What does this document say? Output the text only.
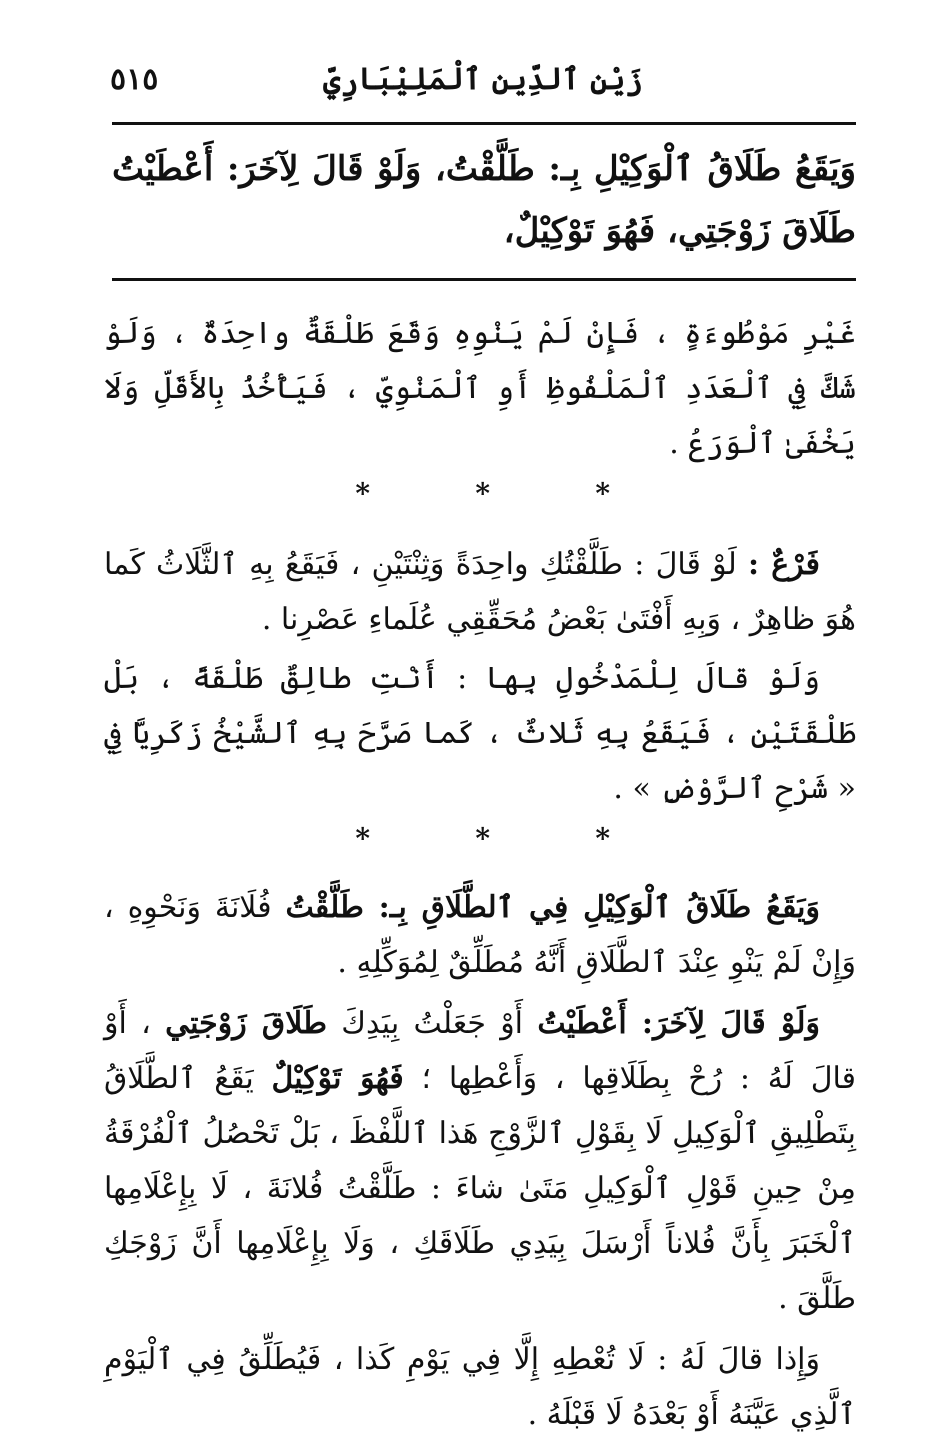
زَيْنِ ٱلدِّينِ ٱلْمَلِيْبَارِيِّ
٥١٥

وَيَقَعُ طَلَاقُ ٱلْوَكِيْلِ بِـ: طَلَّقْتُ، وَلَوْ قَالَ لِآخَرَ: أَعْطَيْتُ طَلَاقَ زَوْجَتِي، فَهُوَ تَوْكِيْلٌ،

غَيْرِ مَوْطُوءَةٍ ، فَإِنْ لَمْ يَنْوِهِ وَقَعَ طَلْقَةٌ واحِدَةٌ ، وَلَوْ شَكَّ فِي ٱلْعَدَدِ ٱلْمَلْفُوظِ أَوِ ٱلْمَنْوِيِّ ، فَيَأْخُذُ بِالأَقَلِّ وَلَا يَخْفَىٰ ٱلْوَرَعُ .

*
*
*

فَرْعٌ : لَوْ قَالَ : طَلَّقْتُكِ واحِدَةً وَثِنْتَيْنِ ، فَيَقَعُ بِهِ ٱلثَّلَاثُ كَما هُوَ ظاهِرٌ ، وَبِهِ أَفْتَىٰ بَعْضُ مُحَقِّقِي عُلَماءِ عَصْرِنا .

وَلَوْ قالَ لِلْمَدْخُولِ بِها : أَنْتِ طالِقٌ طَلْقَةً ، بَلْ طَلْقَتَيْنِ ، فَيَقَعُ بِهِ ثَلاثٌ ، كَما صَرَّحَ بِهِ ٱلشَّيْخُ زَكَرِيَّا فِي « شَرْحِ ٱلرَّوْضِ » .

*
*
*

وَيَقَعُ طَلَاقُ ٱلْوَكِيْلِ فِي ٱلطَّلَاقِ بِـ: طَلَّقْتُ فُلَانَةَ وَنَحْوِهِ ، وَإِنْ لَمْ يَنْوِ عِنْدَ ٱلطَّلَاقِ أَنَّهُ مُطَلِّقٌ لِمُوَكِّلِهِ .

وَلَوْ قَالَ لِآخَرَ: أَعْطَيْتُ أَوْ جَعَلْتُ بِيَدِكَ طَلَاقَ زَوْجَتِي ، أَوْ قالَ لَهُ : رُحْ بِطَلَاقِها ، وَأَعْطِها ؛ فَهُوَ تَوْكِيْلٌ يَقَعُ ٱلطَّلَاقُ بِتَطْلِيقِ ٱلْوَكِيلِ لَا بِقَوْلِ ٱلزَّوْجِ هَذا ٱللَّفْظَ ، بَلْ تَحْصُلُ ٱلْفُرْقَةُ مِنْ حِينِ قَوْلِ ٱلْوَكِيلِ مَتَىٰ شاءَ : طَلَّقْتُ فُلانَةَ ، لَا بِإِعْلَامِها ٱلْخَبَرَ بِأَنَّ فُلاناً أَرْسَلَ بِيَدِي طَلَاقَكِ ، وَلَا بِإِعْلَامِها أَنَّ زَوْجَكِ طَلَّقَ .

وَإِذا قالَ لَهُ : لَا تُعْطِهِ إِلَّا فِي يَوْمِ كَذا ، فَيُطَلِّقُ فِي ٱلْيَوْمِ ٱلَّذِي عَيَّنَهُ أَوْ بَعْدَهُ لَا قَبْلَهُ .
